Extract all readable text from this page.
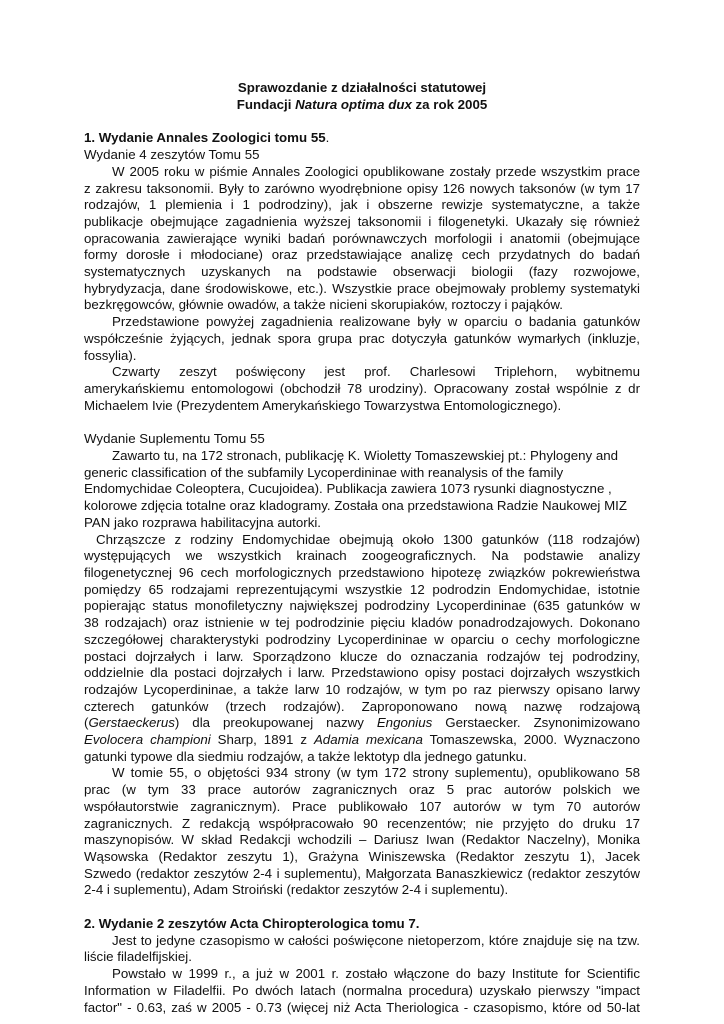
Sprawozdanie z działalności statutowej
Fundacji Natura optima dux za rok 2005
1. Wydanie Annales Zoologici tomu 55.
Wydanie 4 zeszytów Tomu 55
W 2005 roku w piśmie Annales Zoologici opublikowane zostały przede wszystkim prace
z zakresu taksonomii. Były to zarówno wyodrębnione opisy 126 nowych taksonów (w tym 17
rodzajów, 1 plemienia i 1 podrodziny), jak i obszerne rewizje systematyczne, a także
publikacje obejmujące zagadnienia wyższej taksonomii i filogenetyki. Ukazały się również
opracowania zawierające wyniki badań porównawczych morfologii i anatomii (obejmujące
formy dorosłe i młodociane) oraz przedstawiające analizę cech przydatnych do badań
systematycznych uzyskanych na podstawie obserwacji biologii (fazy rozwojowe,
hybrydyzacja, dane środowiskowe, etc.). Wszystkie prace obejmowały problemy systematyki
bezkręgowców, głównie owadów, a także nicieni skorupiaków, roztoczy i pająków.
Przedstawione powyżej zagadnienia realizowane były w oparciu o badania gatunków
współcześnie żyjących, jednak spora grupa prac dotyczyła gatunków wymarłych (inkluzje,
fossylia).
Czwarty zeszyt poświęcony jest prof. Charlesowi Triplehorn, wybitnemu
amerykańskiemu entomologowi (obchodził 78 urodziny). Opracowany został wspólnie z dr
Michaelem Ivie (Prezydentem Amerykańskiego Towarzystwa Entomologicznego).
Wydanie Suplementu Tomu 55
Zawarto tu, na 172 stronach, publikację K. Wioletty Tomaszewskiej pt.: Phylogeny and
generic classification of the subfamily Lycoperdininae with reanalysis of the family
Endomychidae Coleoptera, Cucujoidea). Publikacja zawiera 1073 rysunki diagnostyczne ,
kolorowe zdjęcia totalne oraz kladogramy. Została ona przedstawiona Radzie Naukowej MIZ
PAN jako rozprawa habilitacyjna autorki.
Chrząszcze z rodziny Endomychidae obejmują około 1300 gatunków (118 rodzajów)
występujących we wszystkich krainach zoogeograficznych. Na podstawie analizy
filogenetycznej 96 cech morfologicznych przedstawiono hipotezę związków pokrewieństwa
pomiędzy 65 rodzajami reprezentującymi wszystkie 12 podrodzin Endomychidae, istotnie
popierając status monofiletyczny największej podrodziny Lycoperdininae (635 gatunków w
38 rodzajach) oraz istnienie w tej podrodzinie pięciu kladów ponadrodzajowych. Dokonano
szczegółowej charakterystyki podrodziny Lycoperdininae w oparciu o cechy morfologiczne
postaci dojrzałych i larw. Sporządzono klucze do oznaczania rodzajów tej podrodziny,
oddzielnie dla postaci dojrzałych i larw. Przedstawiono opisy postaci dojrzałych wszystkich
rodzajów Lycoperdininae, a także larw 10 rodzajów, w tym po raz pierwszy opisano larwy
czterech gatunków (trzech rodzajów). Zaproponowano nową nazwę rodzajową
(Gerstaeckerus) dla preokupowanej nazwy Engonius Gerstaecker. Zsynonimizowano
Evolocera championi Sharp, 1891 z Adamia mexicana Tomaszewska, 2000. Wyznaczono
gatunki typowe dla siedmiu rodzajów, a także lektotyp dla jednego gatunku.
W tomie 55, o objętości 934 strony (w tym 172 strony suplementu), opublikowano 58
prac (w tym 33 prace autorów zagranicznych oraz 5 prac autorów polskich we
współautorstwie zagranicznym). Prace publikowało 107 autorów w tym 70 autorów
zagranicznych. Z redakcją współpracowało 90 recenzentów; nie przyjęto do druku 17
maszynopisów. W skład Redakcji wchodzili – Dariusz Iwan (Redaktor Naczelny), Monika
Wąsowska (Redaktor zeszytu 1), Grażyna Winiszewska (Redaktor zeszytu 1), Jacek
Szwedo (redaktor zeszytów 2-4 i suplementu), Małgorzata Banaszkiewicz (redaktor zeszytów
2-4 i suplementu), Adam Stroiński (redaktor zeszytów 2-4 i suplementu).
2. Wydanie 2 zeszytów Acta Chiropterologica tomu 7.
Jest to jedyne czasopismo w całości poświęcone nietoperzom, które znajduje się na tzw.
liście filadelfijskiej.
Powstało w 1999 r., a już w 2001 r. zostało włączone do bazy Institute for Scientific
Information w Filadelfii. Po dwóch latach (normalna procedura) uzyskało pierwszy "impact
factor" - 0.63, zaś w 2005 - 0.73 (więcej niż Acta Theriologica - czasopismo, które od 50-lat
